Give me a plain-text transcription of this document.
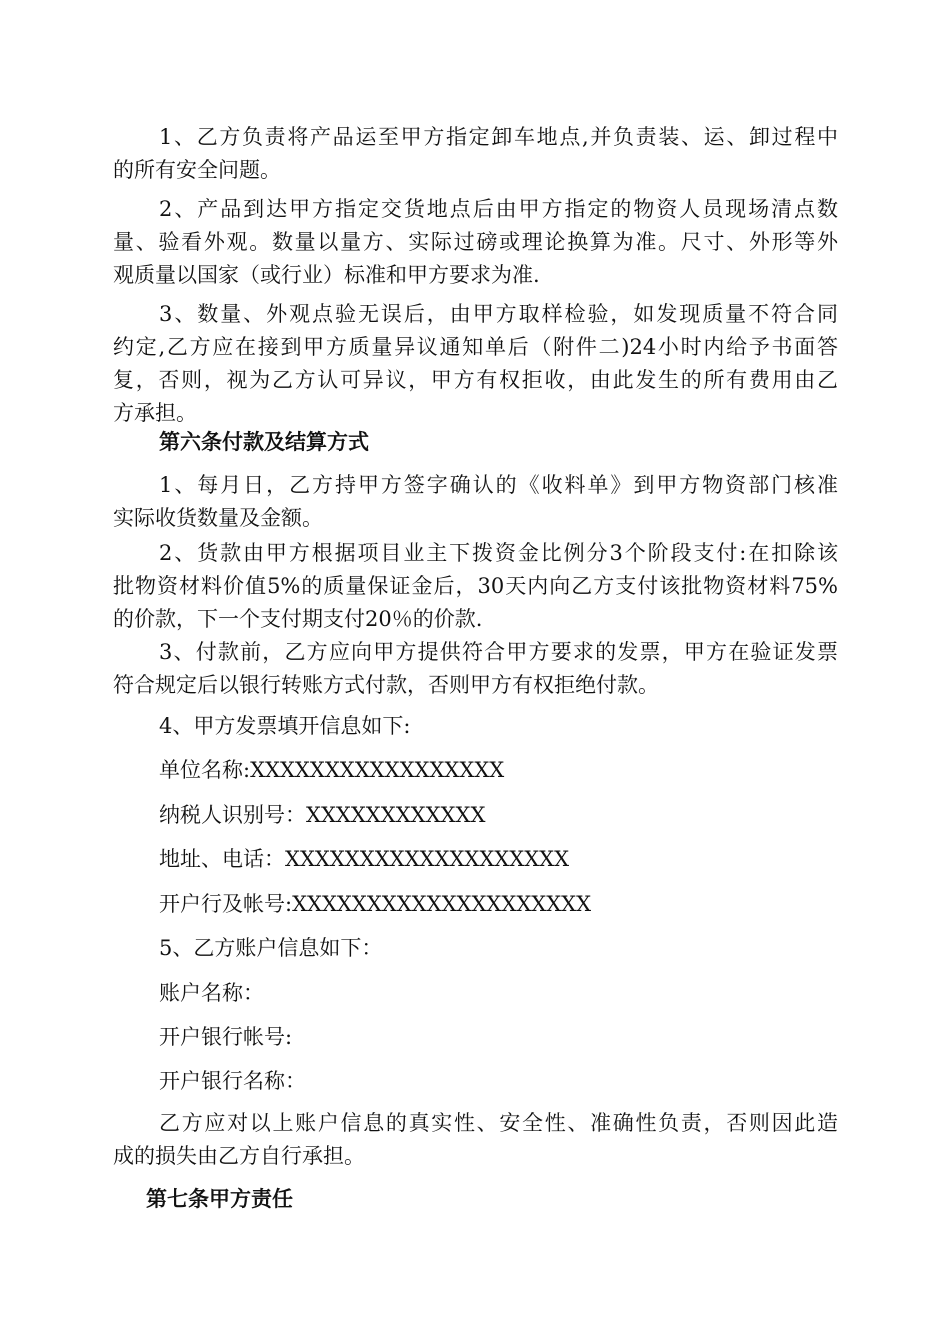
1、乙方负责将产品运至甲方指定卸车地点,并负责装、运、卸过程中
的所有安全问题。

2、产品到达甲方指定交货地点后由甲方指定的物资人员现场清点数
量、验看外观。数量以量方、实际过磅或理论换算为准。尺寸、外形等外
观质量以国家（或行业）标准和甲方要求为准.

3、数量、外观点验无误后，由甲方取样检验，如发现质量不符合同
约定,乙方应在接到甲方质量异议通知单后（附件二)24小时内给予书面答
复，否则，视为乙方认可异议，甲方有权拒收，由此发生的所有费用由乙
方承担。

第六条付款及结算方式

1、每月日，乙方持甲方签字确认的《收料单》到甲方物资部门核准
实际收货数量及金额。

2、货款由甲方根据项目业主下拨资金比例分3个阶段支付:在扣除该
批物资材料价值5%的质量保证金后，30天内向乙方支付该批物资材料75%
的价款，下一个支付期支付20％的价款.

3、付款前，乙方应向甲方提供符合甲方要求的发票，甲方在验证发票
符合规定后以银行转账方式付款，否则甲方有权拒绝付款。

4、甲方发票填开信息如下:

单位名称:XXXXXXXXXXXXXXXXX

纳税人识别号：XXXXXXXXXXXX

地址、电话：XXXXXXXXXXXXXXXXXXX

开户行及帐号:XXXXXXXXXXXXXXXXXXXX

5、乙方账户信息如下：

账户名称：

开户银行帐号:

开户银行名称：

乙方应对以上账户信息的真实性、安全性、准确性负责，否则因此造
成的损失由乙方自行承担。

第七条甲方责任
